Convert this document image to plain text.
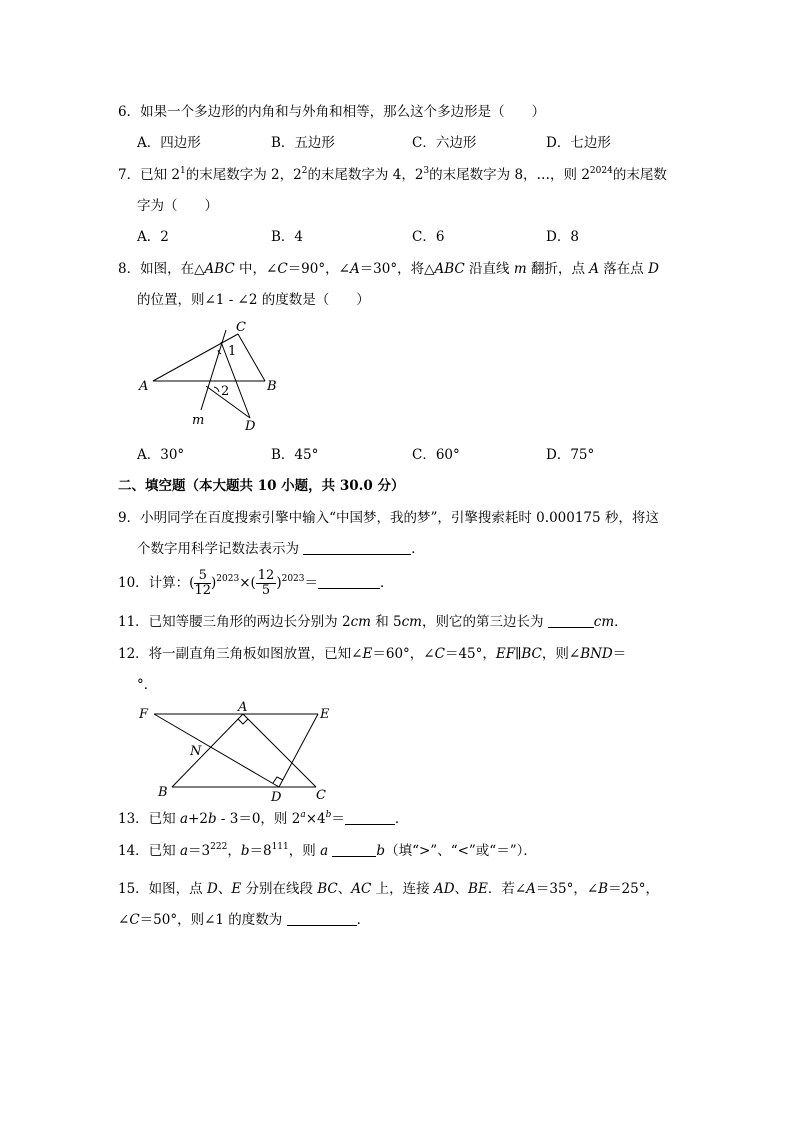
6．如果一个多边形的内角和与外角和相等，那么这个多边形是（　　）
A．四边形	B．五边形	C．六边形	D．七边形
7．已知 $2^1$的末尾数字为 2，$2^2$的末尾数字为 4，$2^3$的末尾数字为 8，…，则 $2^{2024}$的末尾数
字为（　　）
A．2	B．4	C．6	D．8
8．如图，在△ABC 中，∠C＝90°，∠A＝30°，将△ABC 沿直线 m 翻折，点 A 落在点 D
的位置，则∠1 - ∠2 的度数是（　　）
A	B
C
D
m
1
2
A．30°	B．45°	C．60°	D．75°
二、填空题（本大题共 10 小题，共 30.0 分）
9．小明同学在百度搜索引擎中输入“中国梦，我的梦”，引擎搜索耗时 0.000175 秒，将这
个数字用科学记数法表示为	．
10．计算：( $\frac{5}{12} )^{2023}\times( \frac{12}{5} )^{2023}=$	．
11．已知等腰三角形的两边长分别为 2cm 和 5cm，则它的第三边长为	cm．
12．将一副直角三角板如图放置，已知∠E＝60°，∠C＝45°，EF∥BC，则∠BND＝
°．
F	A	E
N
B	D	C
13．已知 a+2b - 3＝0，则 $2^a\times 4^b=$	．
14．已知 $a=3^{222}$，$b=8^{111}$，则 a	b（填“>”、“<”或“＝”）．
15．如图，点 D、E 分别在线段 BC、AC 上，连接 AD、BE．若∠A＝35°，∠B＝25°，∠C＝50°，则∠1 的度数为	．
